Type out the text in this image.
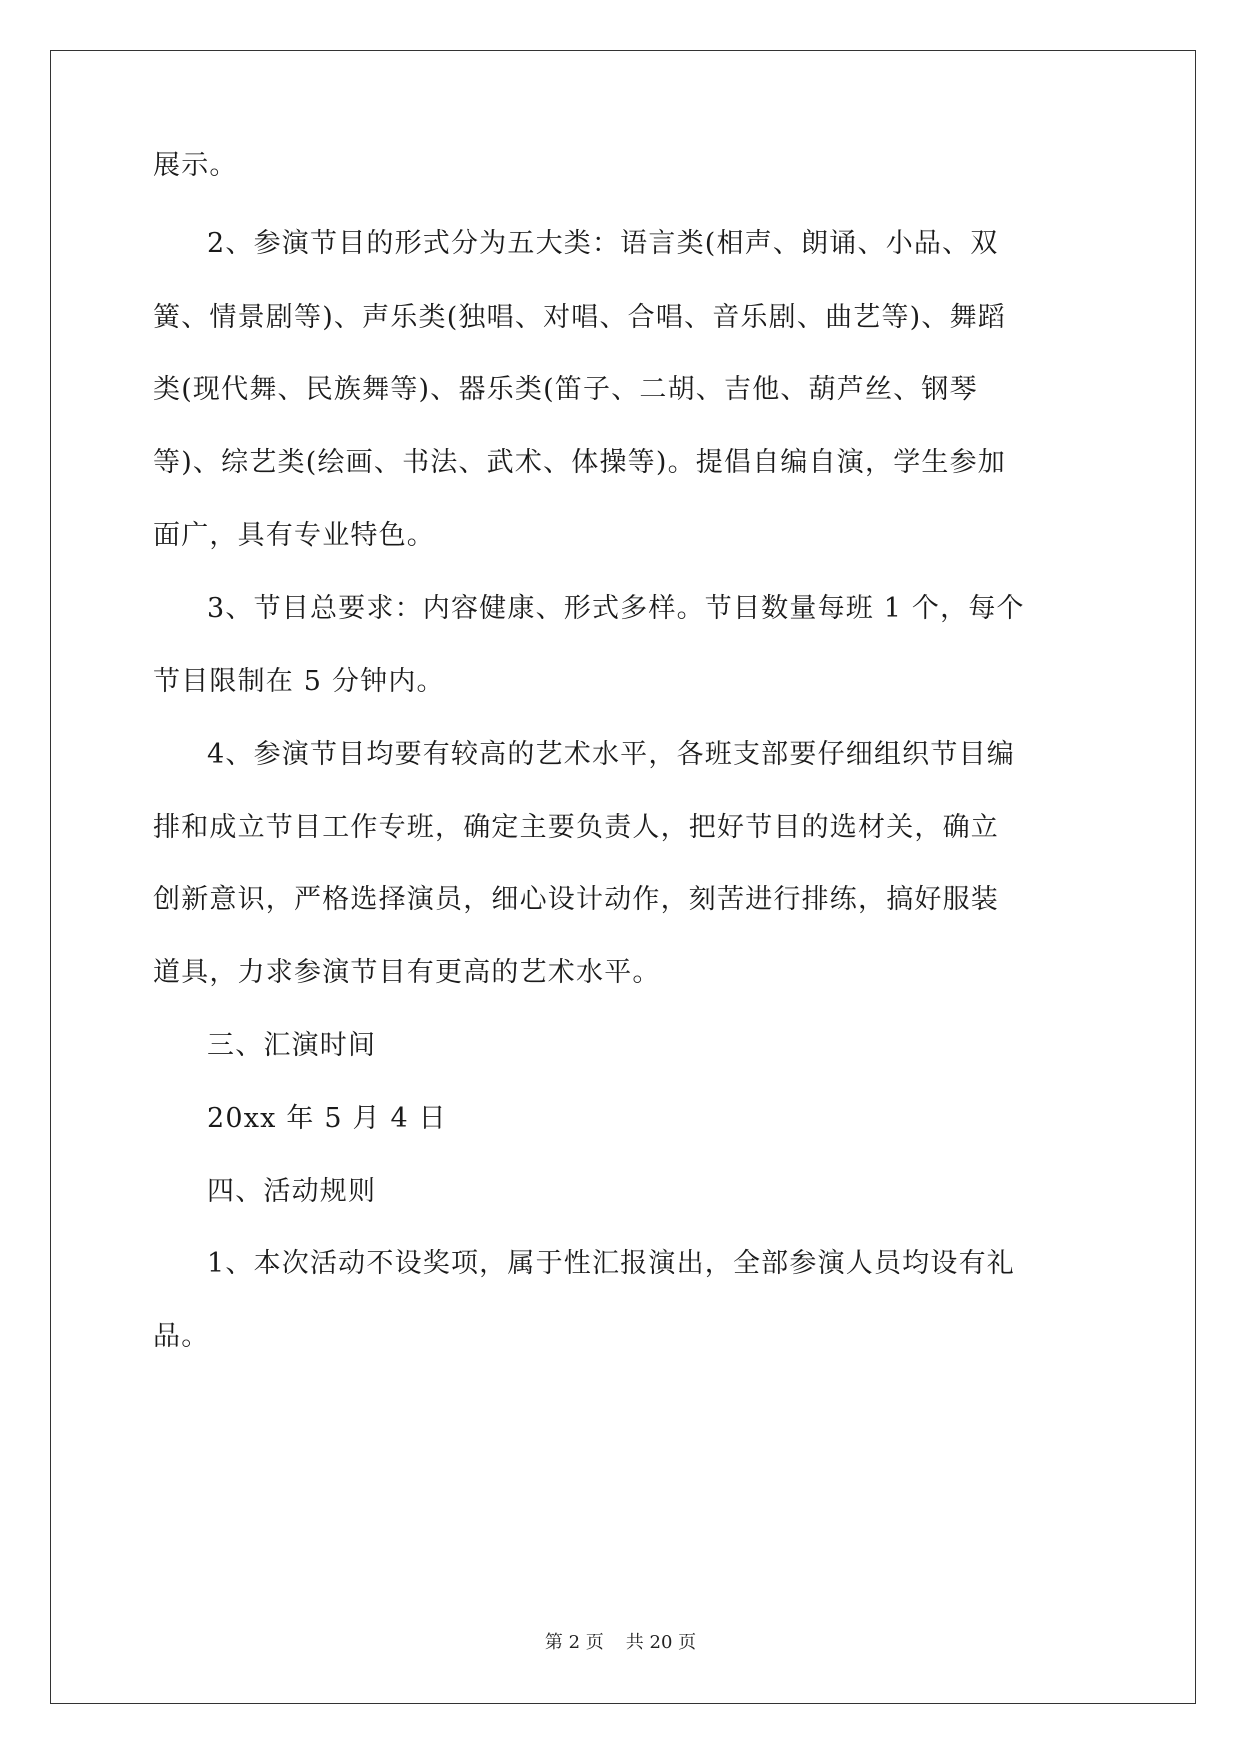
展示。

2、参演节目的形式分为五大类：语言类(相声、朗诵、小品、双

簧、情景剧等)、声乐类(独唱、对唱、合唱、音乐剧、曲艺等)、舞蹈

类(现代舞、民族舞等)、器乐类(笛子、二胡、吉他、葫芦丝、钢琴

等)、综艺类(绘画、书法、武术、体操等)。提倡自编自演，学生参加

面广，具有专业特色。

3、节目总要求：内容健康、形式多样。节目数量每班 1 个，每个

节目限制在 5 分钟内。

4、参演节目均要有较高的艺术水平，各班支部要仔细组织节目编

排和成立节目工作专班，确定主要负责人，把好节目的选材关，确立

创新意识，严格选择演员，细心设计动作，刻苦进行排练，搞好服装

道具，力求参演节目有更高的艺术水平。

三、汇演时间

20xx 年 5 月 4 日

四、活动规则

1、本次活动不设奖项，属于性汇报演出，全部参演人员均设有礼

品。

第 2 页 共 20 页
